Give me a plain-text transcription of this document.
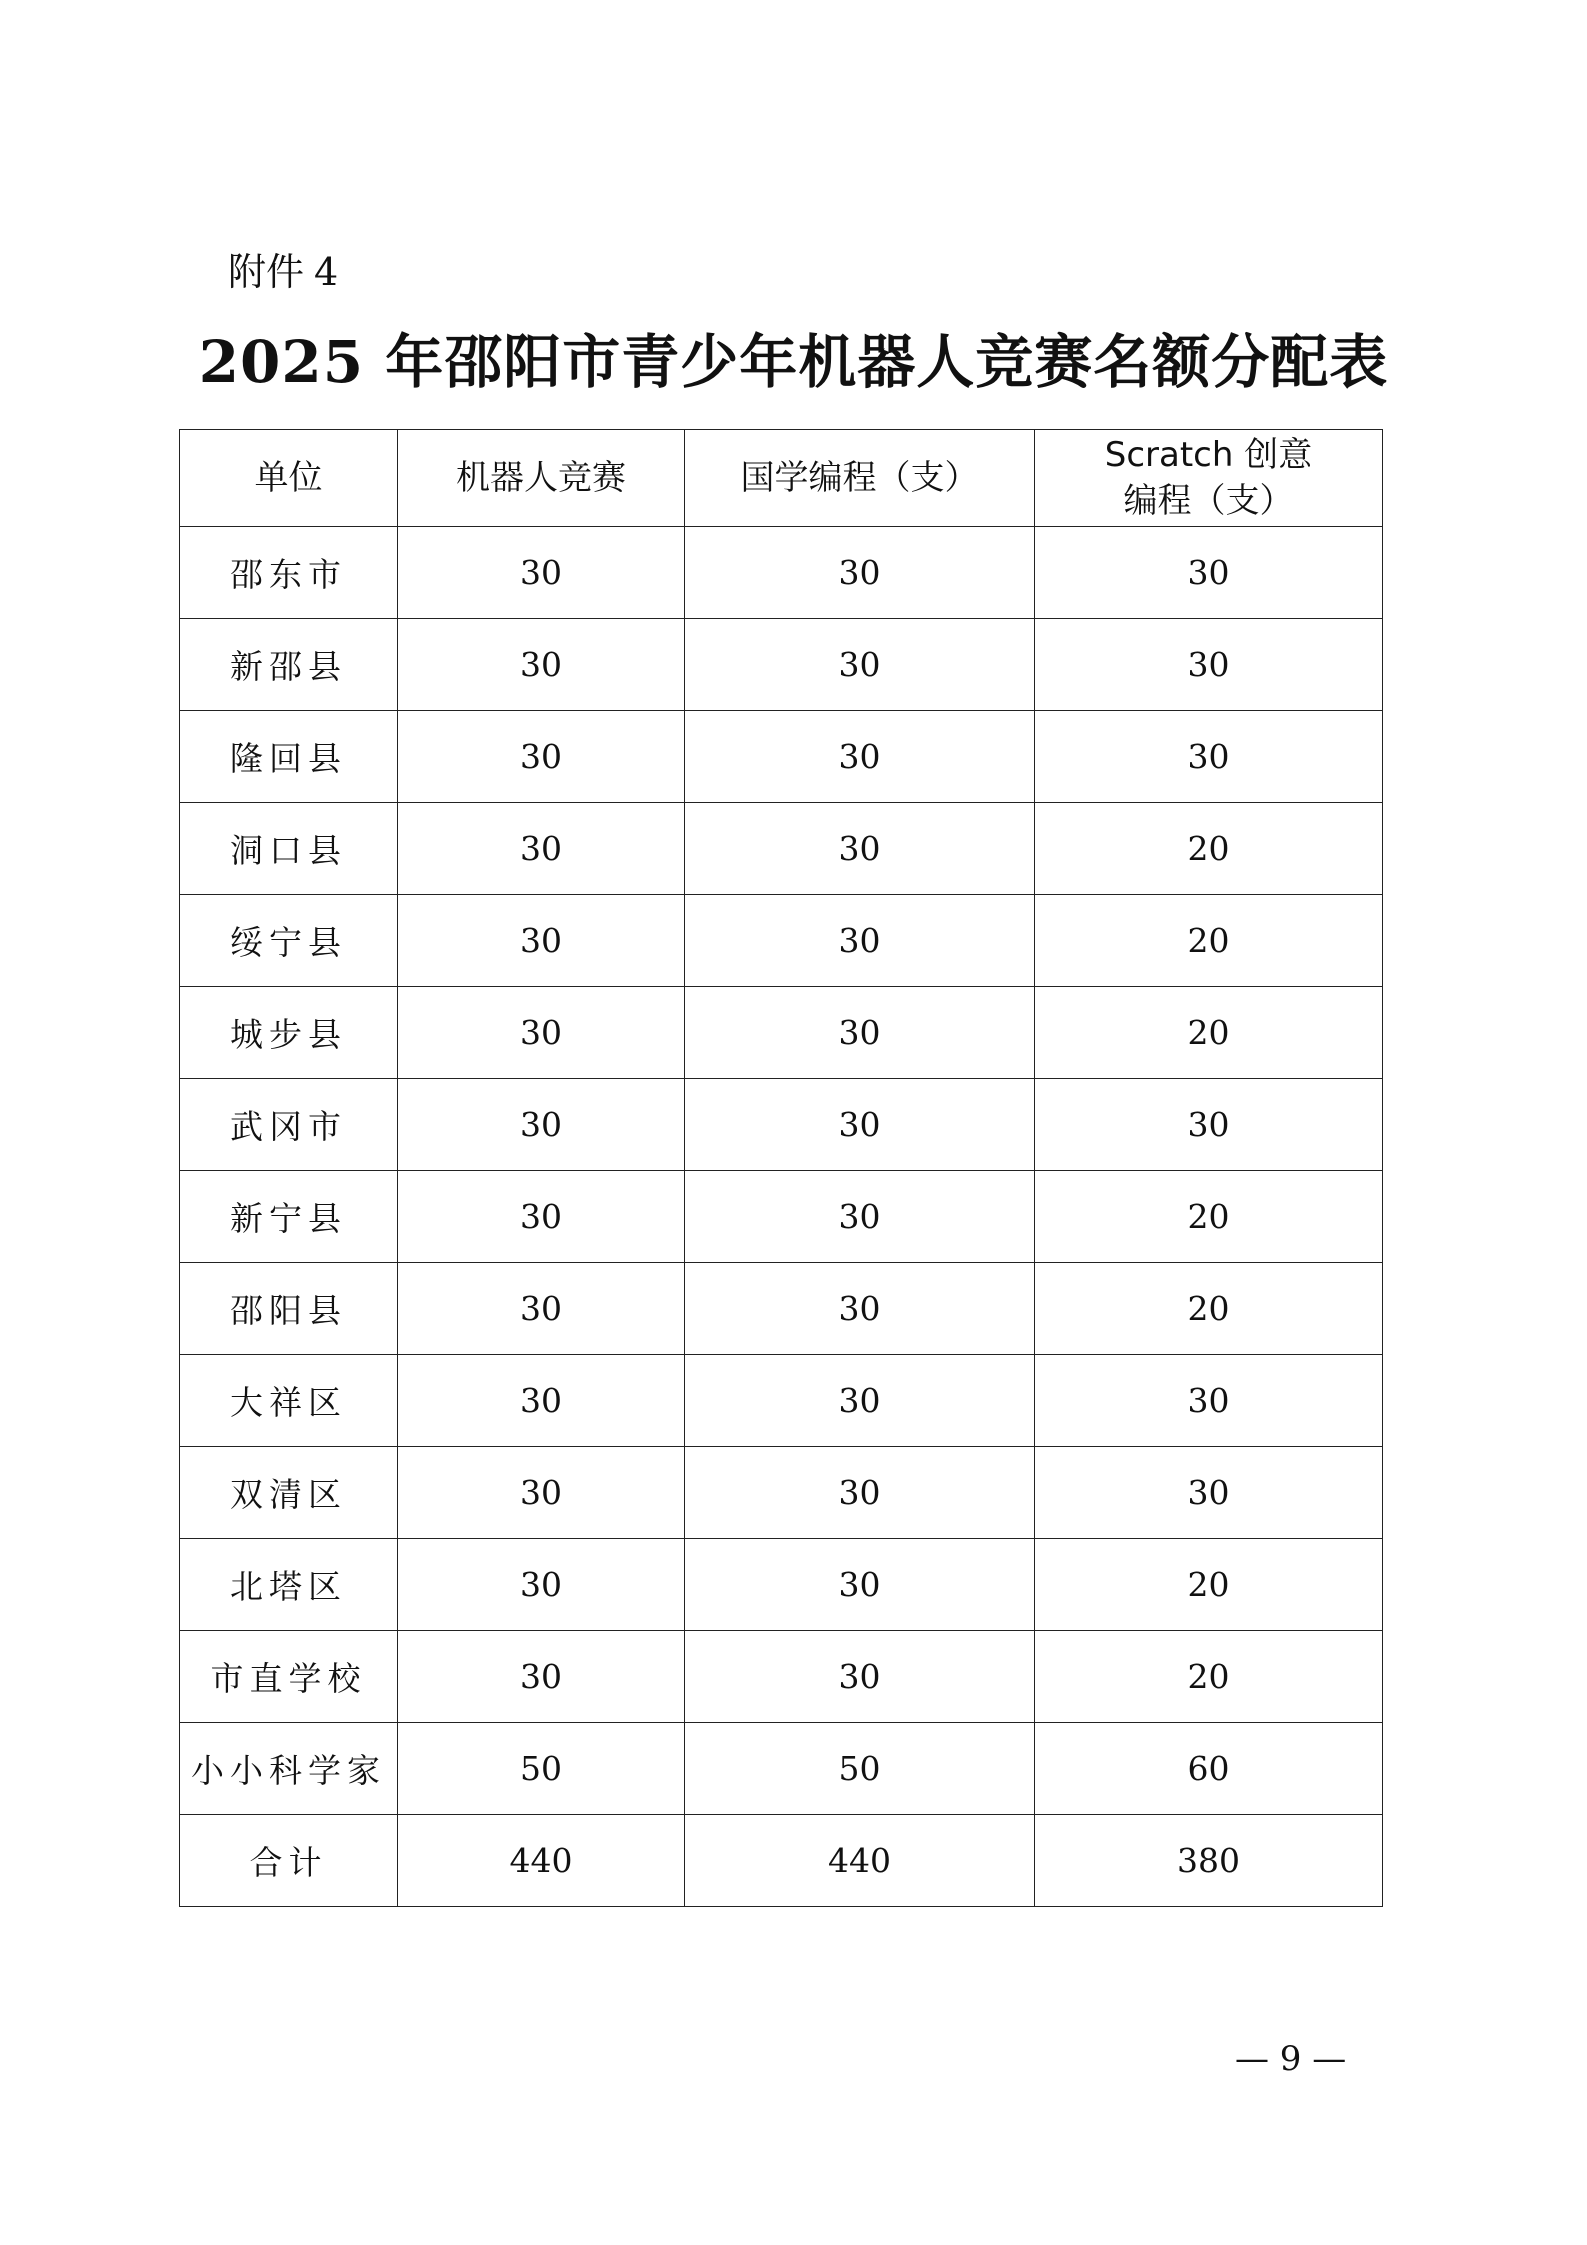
附件 4
2025 年邵阳市青少年机器人竞赛名额分配表
单位	机器人竞赛	国学编程（支）	Scratch 创意
编程（支）
邵东市	30	30	30
新邵县	30	30	30
隆回县	30	30	30
洞口县	30	30	20
绥宁县	30	30	20
城步县	30	30	20
武冈市	30	30	30
新宁县	30	30	20
邵阳县	30	30	20
大祥区	30	30	30
双清区	30	30	30
北塔区	30	30	20
市直学校	30	30	20
小小科学家	50	50	60
合计	440	440	380
— 9 —
